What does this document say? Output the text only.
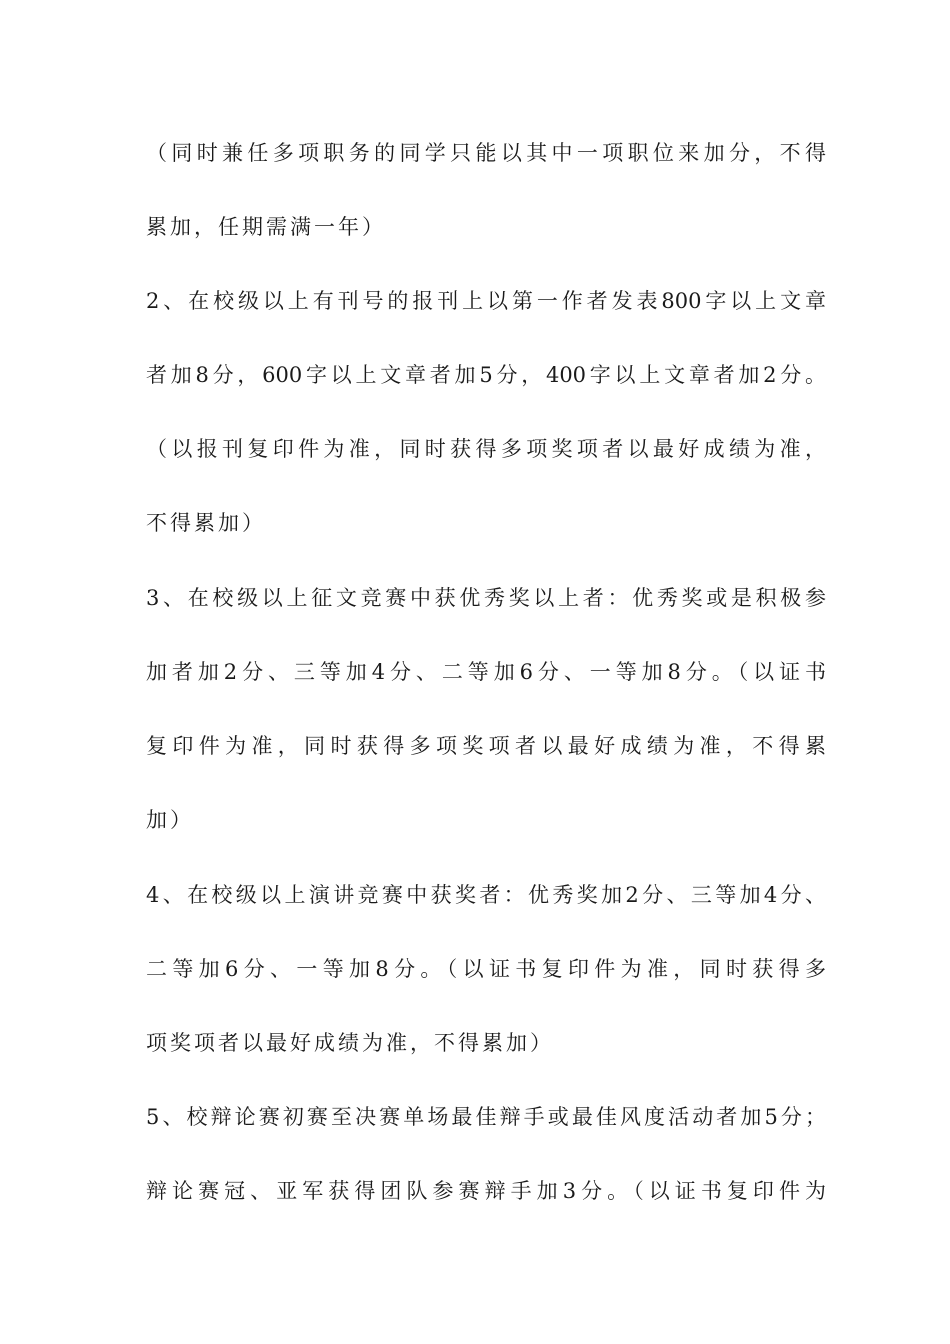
（同时兼任多项职务的同学只能以其中一项职位来加分，不得

累加，任期需满一年）

2、在校级以上有刊号的报刊上以第一作者发表800字以上文章

者加8分，600字以上文章者加5分，400字以上文章者加2分。

（以报刊复印件为准，同时获得多项奖项者以最好成绩为准，

不得累加）

3、在校级以上征文竞赛中获优秀奖以上者：优秀奖或是积极参

加者加2分、三等加4分、二等加6分、一等加8分。（以证书

复印件为准，同时获得多项奖项者以最好成绩为准，不得累

加）

4、在校级以上演讲竞赛中获奖者：优秀奖加2分、三等加4分、

二等加6分、一等加8分。（以证书复印件为准，同时获得多

项奖项者以最好成绩为准，不得累加）

5、校辩论赛初赛至决赛单场最佳辩手或最佳风度活动者加5分；

辩论赛冠、亚军获得团队参赛辩手加3分。（以证书复印件为
